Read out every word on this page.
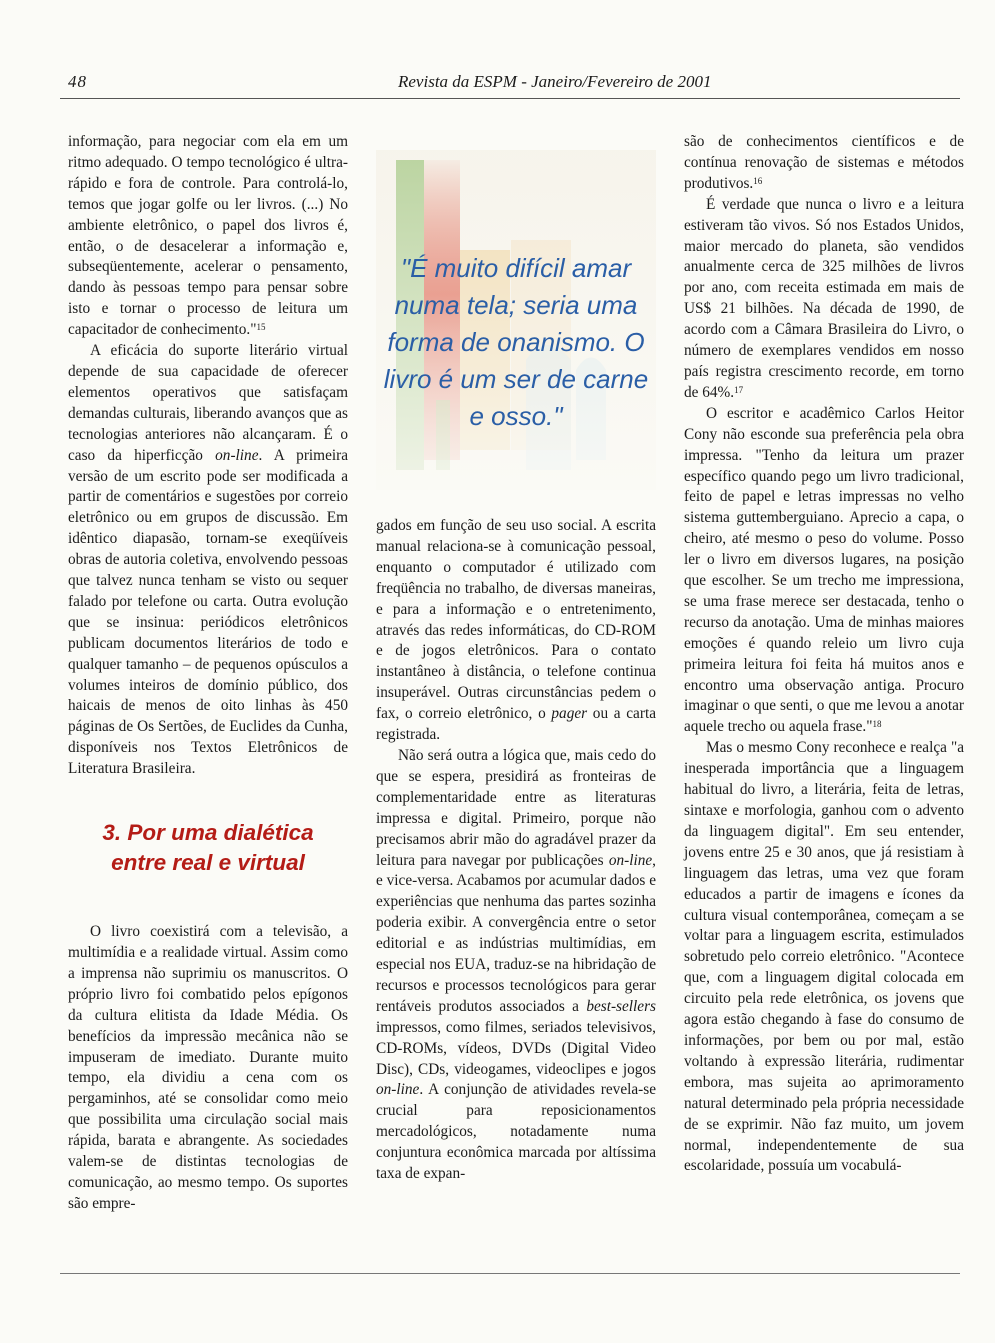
48	Revista da ESPM - Janeiro/Fevereiro de 2001

informação, para negociar com ela em um ritmo adequado. O tempo tecnológico é ultra-rápido e fora de controle. Para controlá-lo, temos que jogar golfe ou ler livros. (...) No ambiente eletrônico, o papel dos livros é, então, o de desacelerar a informação e, subseqüentemente, acelerar o pensamento, dando às pessoas tempo para pensar sobre isto e tornar o processo de leitura um capacitador de conhecimento."$^{15}$

A eficácia do suporte literário virtual depende de sua capacidade de oferecer elementos operativos que satisfaçam demandas culturais, liberando avanços que as tecnologias anteriores não alcançaram. É o caso da hiperficção on-line. A primeira versão de um escrito pode ser modificada a partir de comentários e sugestões por correio eletrônico ou em grupos de discussão. Em idêntico diapasão, tornam-se exeqüíveis obras de autoria coletiva, envolvendo pessoas que talvez nunca tenham se visto ou sequer falado por telefone ou carta. Outra evolução que se insinua: periódicos eletrônicos publicam documentos literários de todo e qualquer tamanho – de pequenos opúsculos a volumes inteiros de domínio público, dos haicais de menos de oito linhas às 450 páginas de Os Sertões, de Euclides da Cunha, disponíveis nos Textos Eletrônicos de Literatura Brasileira.

3. Por uma dialética
entre real e virtual

O livro coexistirá com a televisão, a multimídia e a realidade virtual. Assim como a imprensa não suprimiu os manuscritos. O próprio livro foi combatido pelos epígonos da cultura elitista da Idade Média. Os benefícios da impressão mecânica não se impuseram de imediato. Durante muito tempo, ela dividiu a cena com os pergaminhos, até se consolidar como meio que possibilita uma circulação social mais rápida, barata e abrangente. As sociedades valem-se de distintas tecnologias de comunicação, ao mesmo tempo. Os suportes são empre-

"É muito difícil amar numa tela; seria uma forma de onanismo. O livro é um ser de carne e osso."

gados em função de seu uso social. A escrita manual relaciona-se à comunicação pessoal, enquanto o computador é utilizado com freqüência no trabalho, de diversas maneiras, e para a informação e o entretenimento, através das redes informáticas, do CD-ROM e de jogos eletrônicos. Para o contato instantâneo à distância, o telefone continua insuperável. Outras circunstâncias pedem o fax, o correio eletrônico, o pager ou a carta registrada.

Não será outra a lógica que, mais cedo do que se espera, presidirá as fronteiras de complementaridade entre as literaturas impressa e digital. Primeiro, porque não precisamos abrir mão do agradável prazer da leitura para navegar por publicações on-line, e vice-versa. Acabamos por acumular dados e experiências que nenhuma das partes sozinha poderia exibir. A convergência entre o setor editorial e as indústrias multimídias, em especial nos EUA, traduz-se na hibridação de recursos e processos tecnológicos para gerar rentáveis produtos associados a best-sellers impressos, como filmes, seriados televisivos, CD-ROMs, vídeos, DVDs (Digital Video Disc), CDs, videogames, videoclipes e jogos on-line. A conjunção de atividades revela-se crucial para reposicionamentos mercadológicos, notadamente numa conjuntura econômica marcada por altíssima taxa de expan-

são de conhecimentos científicos e de contínua renovação de sistemas e métodos produtivos.$^{16}$

É verdade que nunca o livro e a leitura estiveram tão vivos. Só nos Estados Unidos, maior mercado do planeta, são vendidos anualmente cerca de 325 milhões de livros por ano, com receita estimada em mais de US$ 21 bilhões. Na década de 1990, de acordo com a Câmara Brasileira do Livro, o número de exemplares vendidos em nosso país registra crescimento recorde, em torno de 64%.$^{17}$

O escritor e acadêmico Carlos Heitor Cony não esconde sua preferência pela obra impressa. "Tenho da leitura um prazer específico quando pego um livro tradicional, feito de papel e letras impressas no velho sistema guttemberguiano. Aprecio a capa, o cheiro, até mesmo o peso do volume. Posso ler o livro em diversos lugares, na posição que escolher. Se um trecho me impressiona, se uma frase merece ser destacada, tenho o recurso da anotação. Uma de minhas maiores emoções é quando releio um livro cuja primeira leitura foi feita há muitos anos e encontro uma observação antiga. Procuro imaginar o que senti, o que me levou a anotar aquele trecho ou aquela frase."$^{18}$

Mas o mesmo Cony reconhece e realça "a inesperada importância que a linguagem habitual do livro, a literária, feita de letras, sintaxe e morfologia, ganhou com o advento da linguagem digital". Em seu entender, jovens entre 25 e 30 anos, que já resistiam à linguagem das letras, uma vez que foram educados a partir de imagens e ícones da cultura visual contemporânea, começam a se voltar para a linguagem escrita, estimulados sobretudo pelo correio eletrônico. "Acontece que, com a linguagem digital colocada em circuito pela rede eletrônica, os jovens que agora estão chegando à fase do consumo de informações, por bem ou por mal, estão voltando à expressão literária, rudimentar embora, mas sujeita ao aprimoramento natural determinado pela própria necessidade de se exprimir. Não faz muito, um jovem normal, independentemente de sua escolaridade, possuía um vocabulá-
